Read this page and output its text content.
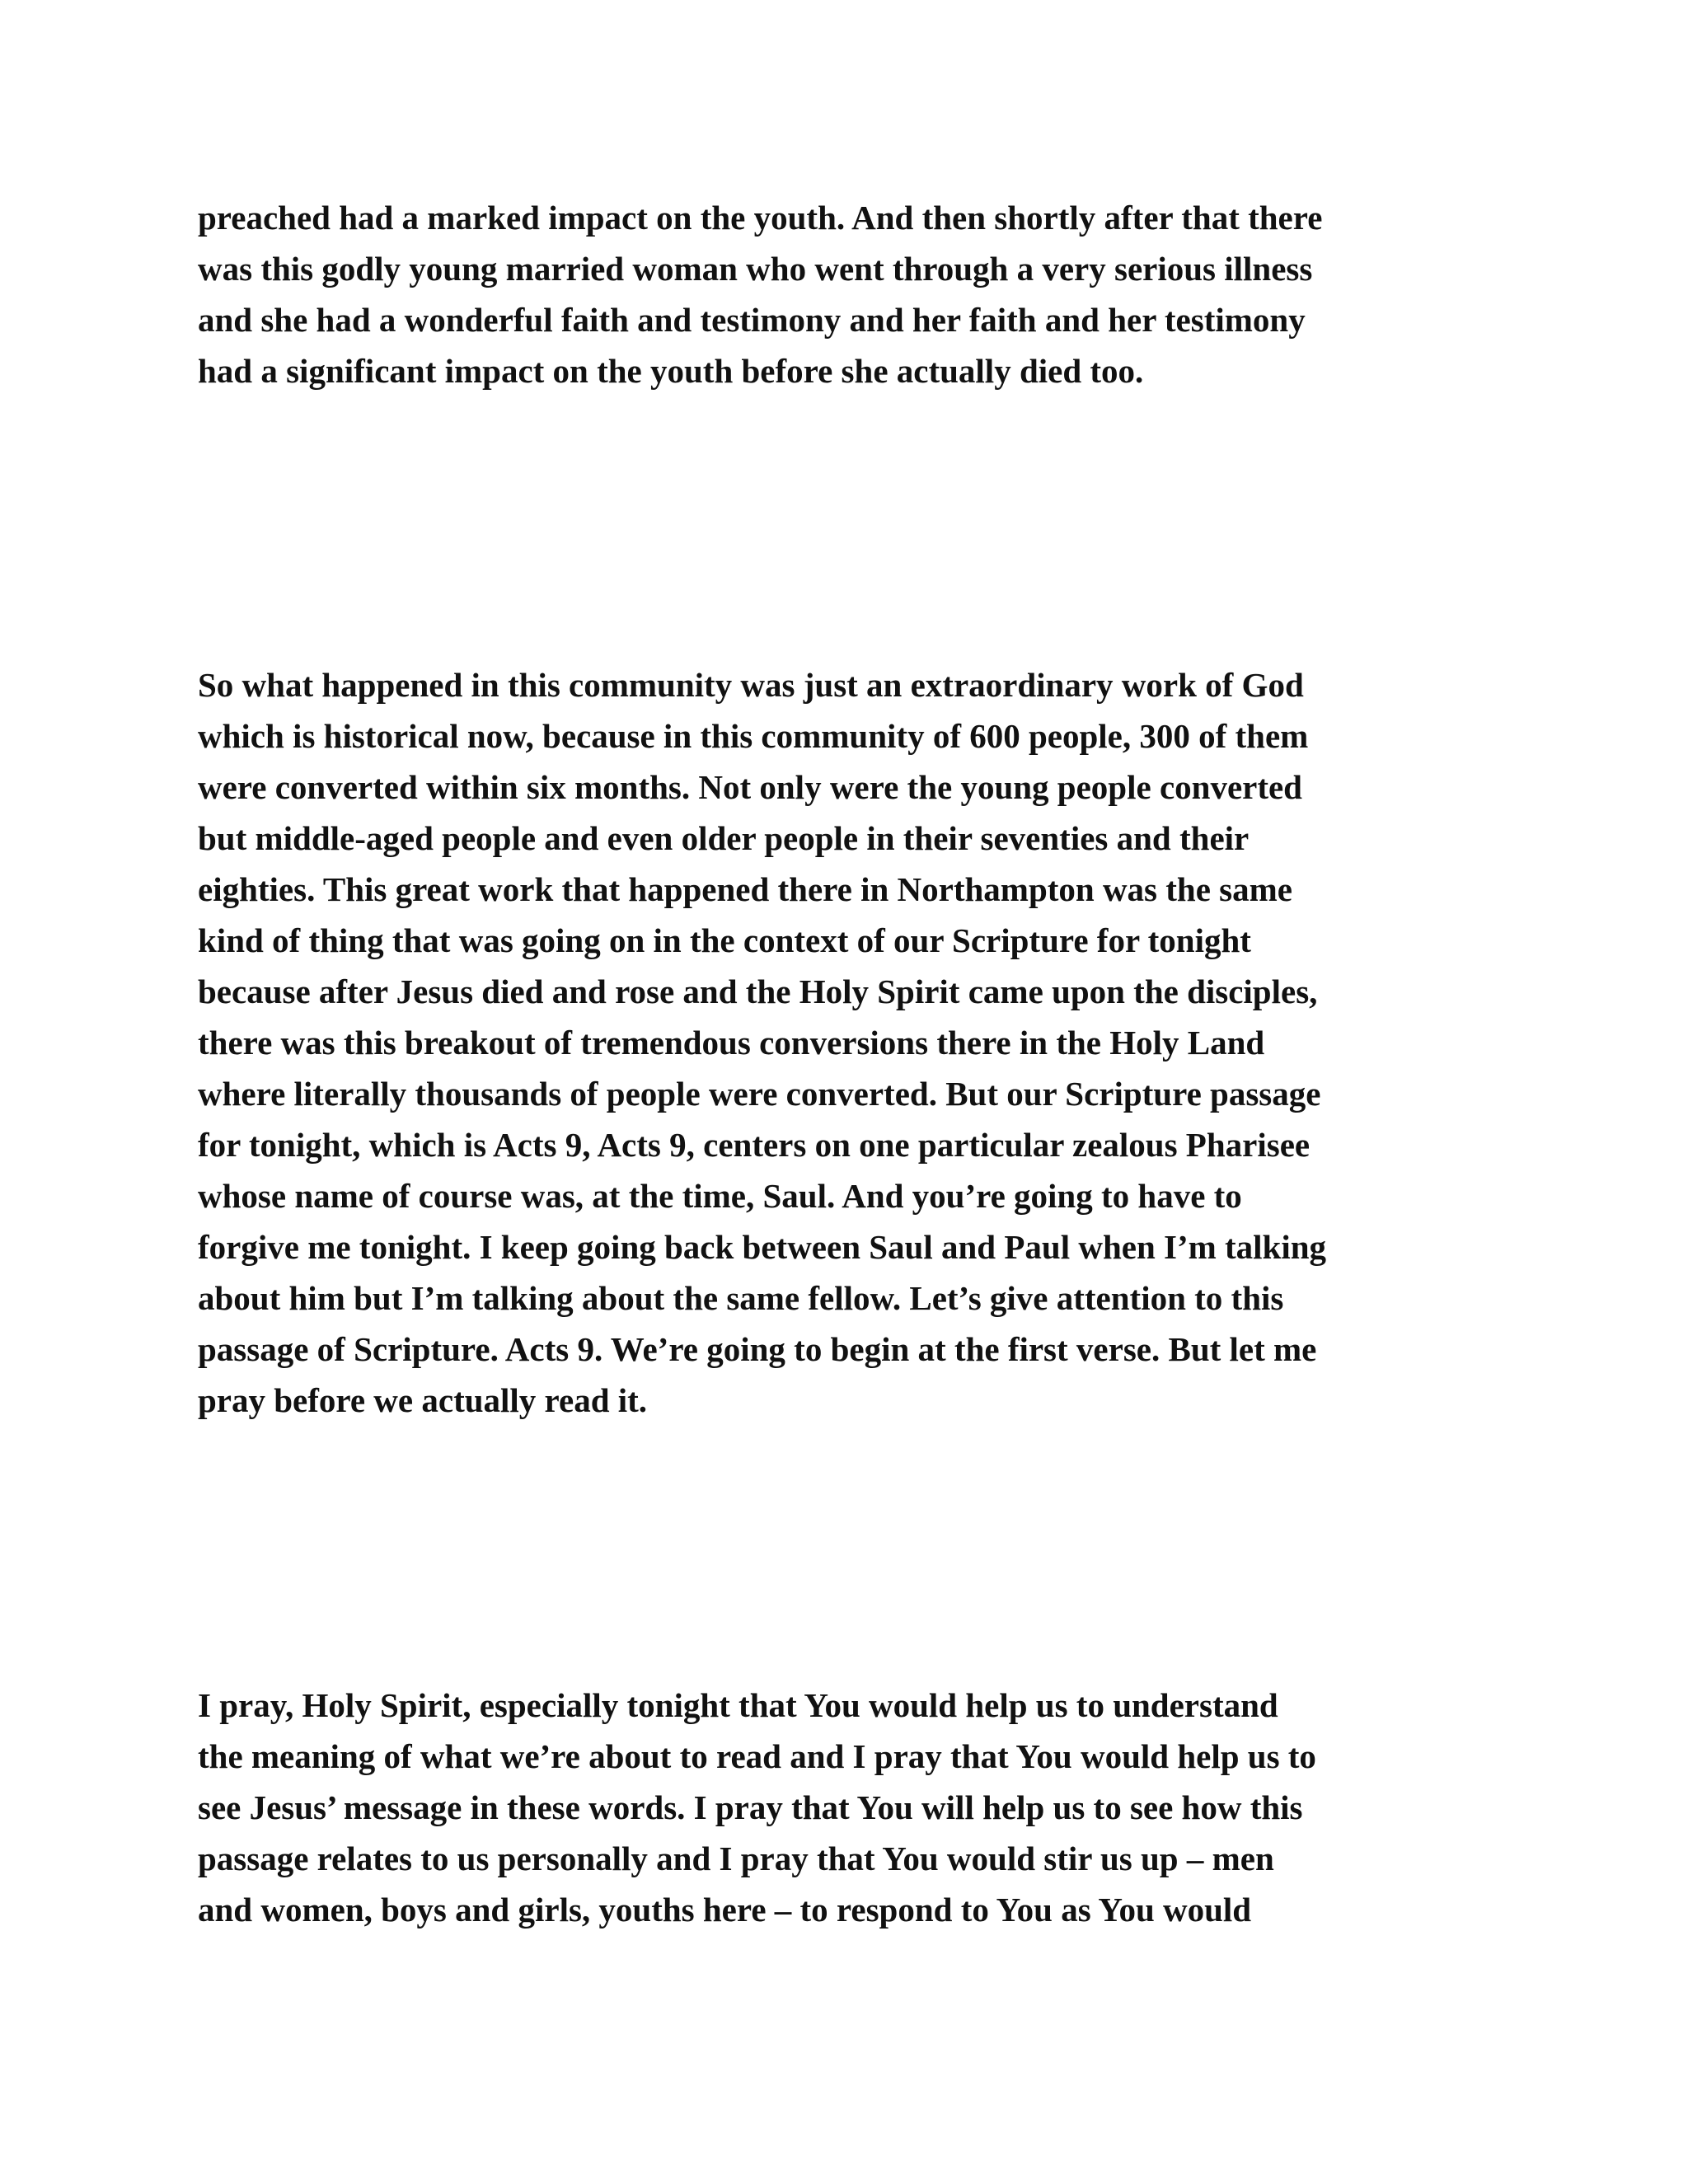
preached had a marked impact on the youth. And then shortly after that there
was this godly young married woman who went through a very serious illness
and she had a wonderful faith and testimony and her faith and her testimony
had a significant impact on the youth before she actually died too.

So what happened in this community was just an extraordinary work of God
which is historical now, because in this community of 600 people, 300 of them
were converted within six months. Not only were the young people converted
but middle-aged people and even older people in their seventies and their
eighties. This great work that happened there in Northampton was the same
kind of thing that was going on in the context of our Scripture for tonight
because after Jesus died and rose and the Holy Spirit came upon the disciples,
there was this breakout of tremendous conversions there in the Holy Land
where literally thousands of people were converted. But our Scripture passage
for tonight, which is Acts 9, Acts 9, centers on one particular zealous Pharisee
whose name of course was, at the time, Saul. And you’re going to have to
forgive me tonight. I keep going back between Saul and Paul when I’m talking
about him but I’m talking about the same fellow. Let’s give attention to this
passage of Scripture. Acts 9. We’re going to begin at the first verse. But let me
pray before we actually read it.

I pray, Holy Spirit, especially tonight that You would help us to understand
the meaning of what we’re about to read and I pray that You would help us to
see Jesus’ message in these words. I pray that You will help us to see how this
passage relates to us personally and I pray that You would stir us up – men
and women, boys and girls, youths here – to respond to You as You would
